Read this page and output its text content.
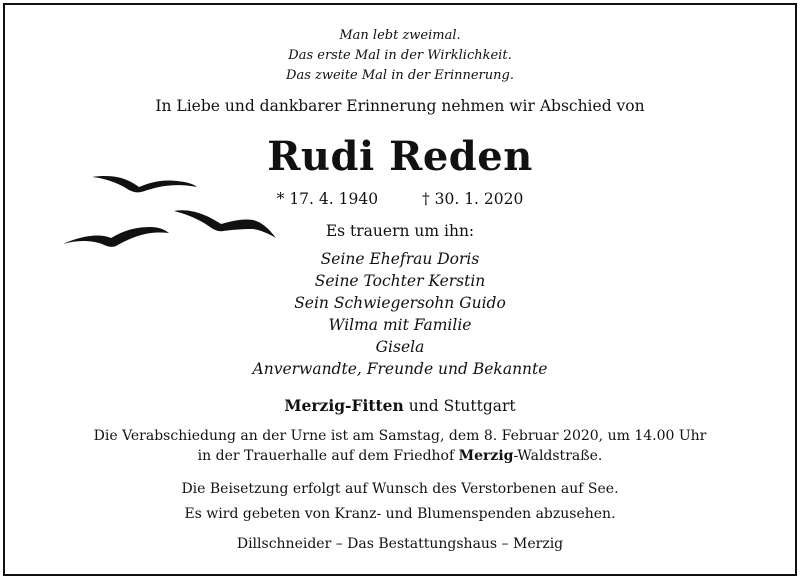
Man lebt zweimal.
Das erste Mal in der Wirklichkeit.
Das zweite Mal in der Erinnerung.
In Liebe und dankbarer Erinnerung nehmen wir Abschied von
Rudi Reden
* 17. 4. 1940	† 30. 1. 2020
Es trauern um ihn:
Seine Ehefrau Doris
Seine Tochter Kerstin
Sein Schwiegersohn Guido
Wilma mit Familie
Gisela
Anverwandte, Freunde und Bekannte
Merzig-Fitten und Stuttgart
Die Verabschiedung an der Urne ist am Samstag, dem 8. Februar 2020, um 14.00 Uhr
in der Trauerhalle auf dem Friedhof Merzig-Waldstraße.
Die Beisetzung erfolgt auf Wunsch des Verstorbenen auf See.
Es wird gebeten von Kranz- und Blumenspenden abzusehen.
Dillschneider – Das Bestattungshaus – Merzig
